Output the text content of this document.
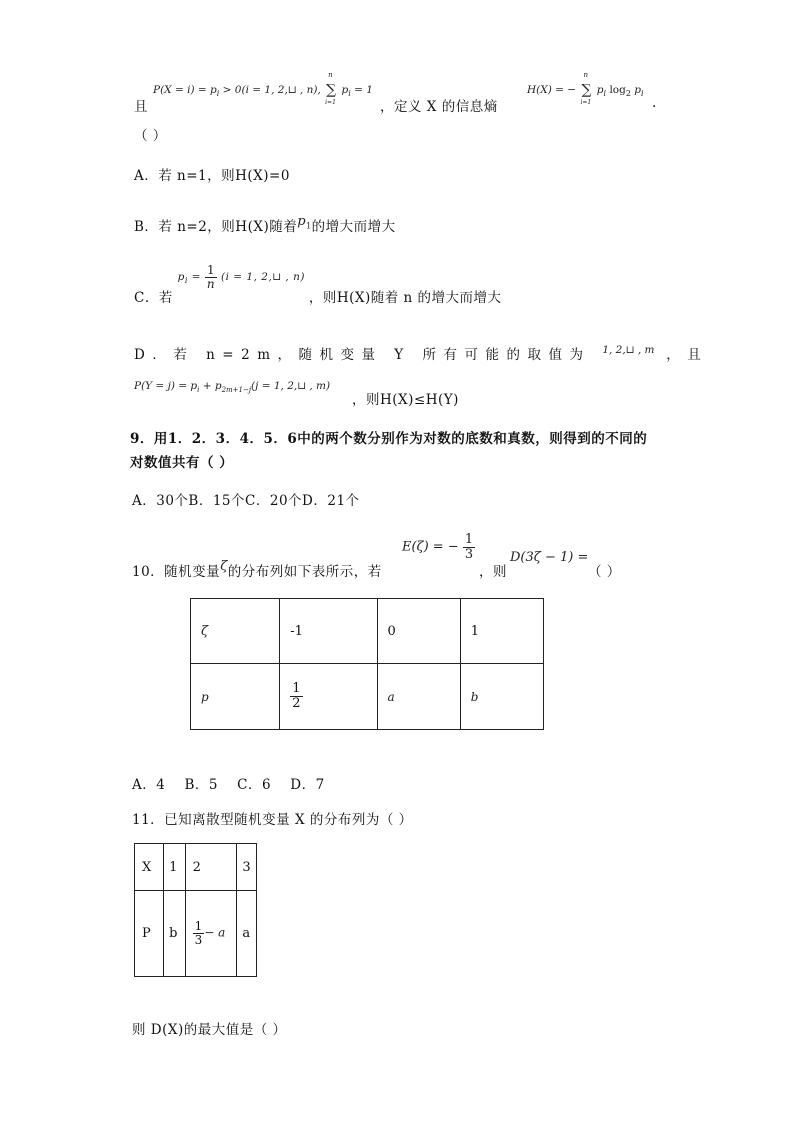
且
$P(X = i) = p_i > 0(i = 1$, 2,⊔ , n),
n
∑
i=1
$p_i = 1$
，定义 X 的信息熵
H(X) = −
n
∑
i=1
$p_i$ $\log_2 p_i$
.
（ ）
A．若 n=1，则H(X)=0
B．若 n=2，则H(X)随着$p_1$的增大而增大
C．若 $p_i = \frac{1}{n} (i = 1$, 2,⊔ , n) ，则H(X)随着 n 的增大而增大
D．若 n=2m，随机变量 Y 所有可能的取值为 $^{1, 2,⊔ , m}$ ，且
$P(Y = j) = p_i + p_{2m+1-j}(j = 1$, 2,⊔ , m)
，则H(X)≤H(Y)
9．用1．2．3．4．5．6中的两个数分别作为对数的底数和真数，则得到的不同的
对数值共有（ ）
A．30个B．15个C．20个D．21个
10．随机变量ζ的分布列如下表所示，若
E(ζ) = − $\frac{1}{3}$
，则
D(3ζ − 1) =
（ ）
ζ	-1	0	1
p	$\frac{1}{2}$	a	b
A．4    B．5    C．6    D．7
11．已知离散型随机变量 X 的分布列为（ ）
X	1	2	3
P	b	$\frac{1}{3} - a$	a
则 D(X)的最大值是（ ）
